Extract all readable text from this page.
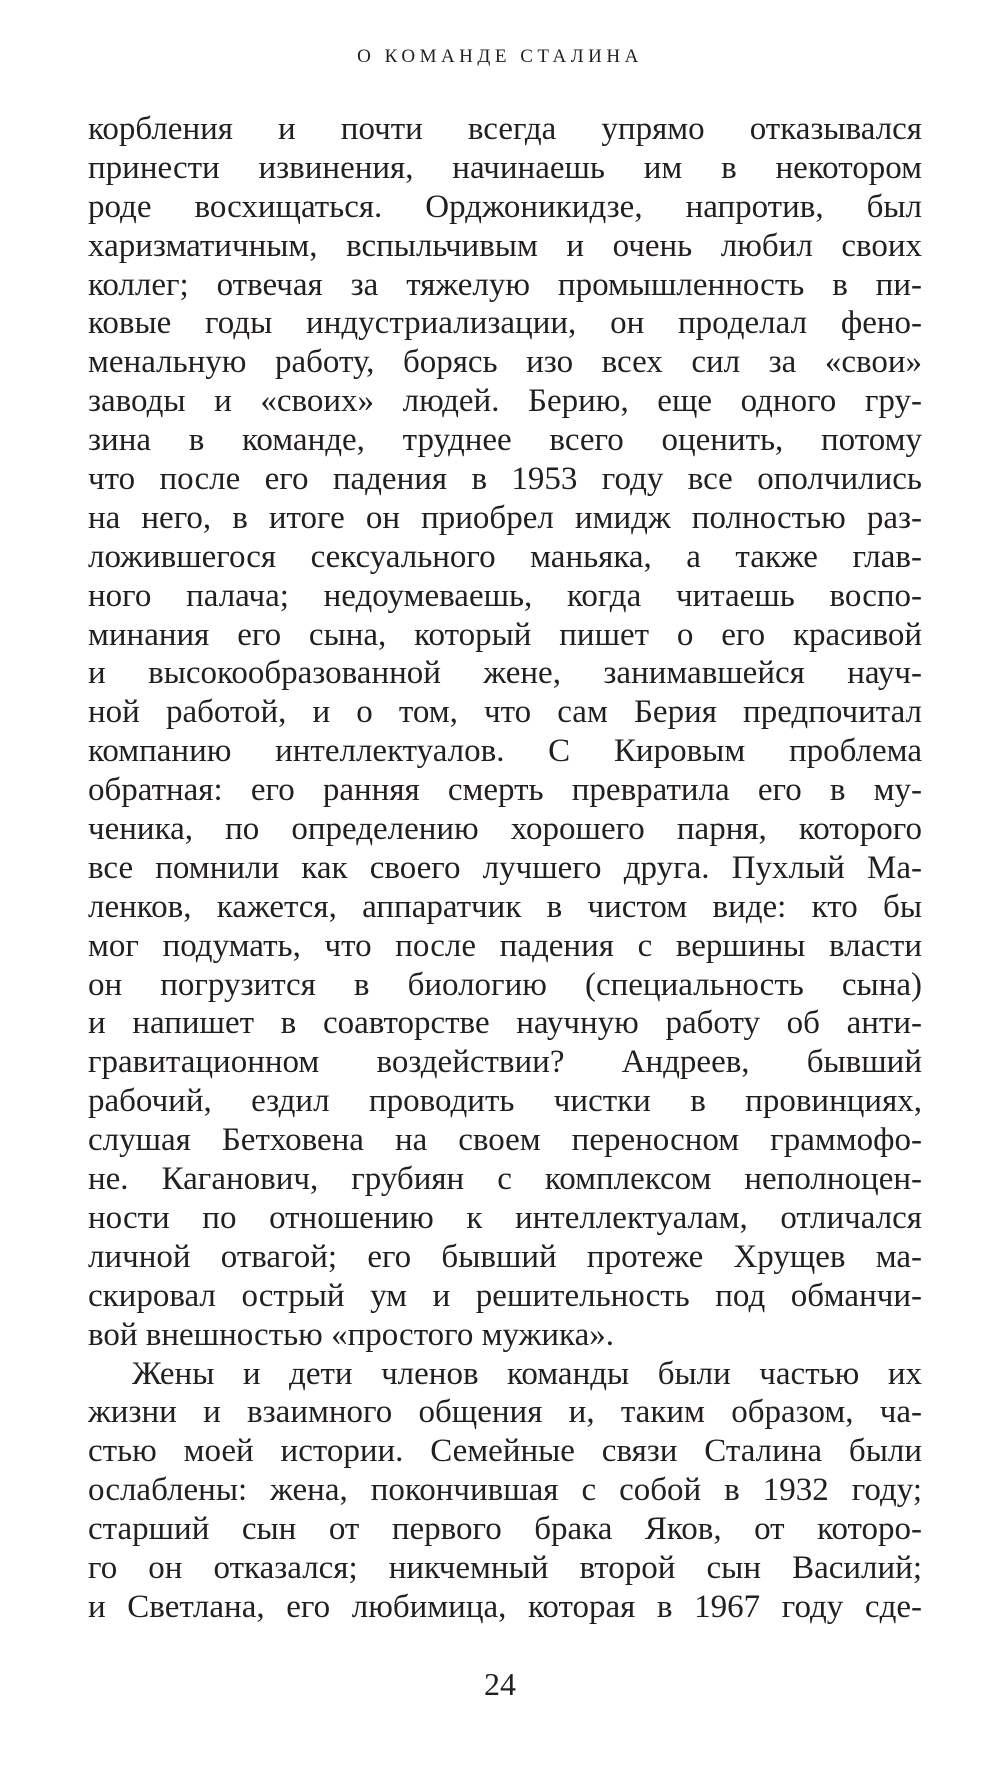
О КОМАНДЕ СТАЛИНА
корбления и почти всегда упрямо отказывался
принести извинения, начинаешь им в некотором
роде восхищаться. Орджоникидзе, напротив, был
харизматичным, вспыльчивым и очень любил своих
коллег; отвечая за тяжелую промышленность в пи-
ковые годы индустриализации, он проделал фено-
менальную работу, борясь изо всех сил за «свои»
заводы и «своих» людей. Берию, еще одного гру-
зина в команде, труднее всего оценить, потому
что после его падения в 1953 году все ополчились
на него, в итоге он приобрел имидж полностью раз-
ложившегося сексуального маньяка, а также глав-
ного палача; недоумеваешь, когда читаешь воспо-
минания его сына, который пишет о его красивой
и высокообразованной жене, занимавшейся науч-
ной работой, и о том, что сам Берия предпочитал
компанию интеллектуалов. С Кировым проблема
обратная: его ранняя смерть превратила его в му-
ченика, по определению хорошего парня, которого
все помнили как своего лучшего друга. Пухлый Ма-
ленков, кажется, аппаратчик в чистом виде: кто бы
мог подумать, что после падения с вершины власти
он погрузится в биологию (специальность сына)
и напишет в соавторстве научную работу об анти-
гравитационном воздействии? Андреев, бывший
рабочий, ездил проводить чистки в провинциях,
слушая Бетховена на своем переносном граммофо-
не. Каганович, грубиян с комплексом неполноцен-
ности по отношению к интеллектуалам, отличался
личной отвагой; его бывший протеже Хрущев ма-
скировал острый ум и решительность под обманчи-
вой внешностью «простого мужика».
Жены и дети членов команды были частью их
жизни и взаимного общения и, таким образом, ча-
стью моей истории. Семейные связи Сталина были
ослаблены: жена, покончившая с собой в 1932 году;
старший сын от первого брака Яков, от которо-
го он отказался; никчемный второй сын Василий;
и Светлана, его любимица, которая в 1967 году сде-
24
